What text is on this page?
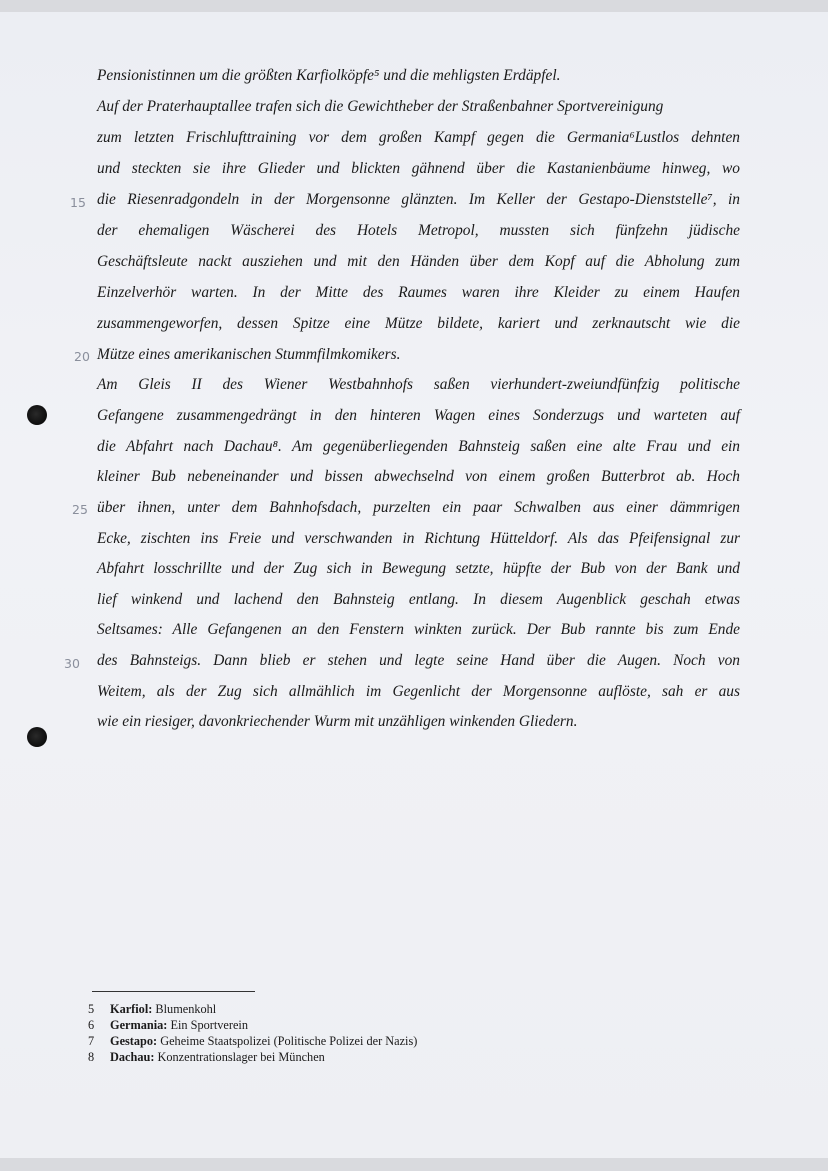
Pensionistinnen um die größten Karfiolköpfe⁵ und die mehligsten Erdäpfel.
Auf der Praterhauptallee trafen sich die Gewichtheber der Straßenbahner Sportvereinigung
zum letzten Frischlufttraining vor dem großen Kampf gegen die Germania⁶Lustlos dehnten
und steckten sie ihre Glieder und blickten gähnend über die Kastanienbäume hinweg, wo
die Riesenradgondeln in der Morgensonne glänzten. Im Keller der Gestapo-Dienststelle⁷, in
der ehemaligen Wäscherei des Hotels Metropol, mussten sich fünfzehn jüdische
Geschäftsleute nackt ausziehen und mit den Händen über dem Kopf auf die Abholung zum
Einzelverhör warten. In der Mitte des Raumes waren ihre Kleider zu einem Haufen
zusammengeworfen, dessen Spitze eine Mütze bildete, kariert und zerknautscht wie die
Mütze eines amerikanischen Stummfilmkomikers.
Am Gleis II des Wiener Westbahnhofs saßen vierhundert-zweiundfünfzig politische
Gefangene zusammengedrängt in den hinteren Wagen eines Sonderzugs und warteten auf
die Abfahrt nach Dachau⁸. Am gegenüberliegenden Bahnsteig saßen eine alte Frau und ein
kleiner Bub nebeneinander und bissen abwechselnd von einem großen Butterbrot ab. Hoch
über ihnen, unter dem Bahnhofsdach, purzelten ein paar Schwalben aus einer dämmrigen
Ecke, zischten ins Freie und verschwanden in Richtung Hütteldorf. Als das Pfeifensignal zur
Abfahrt losschrillte und der Zug sich in Bewegung setzte, hüpfte der Bub von der Bank und
lief winkend und lachend den Bahnsteig entlang. In diesem Augenblick geschah etwas
Seltsames: Alle Gefangenen an den Fenstern winkten zurück. Der Bub rannte bis zum Ende
des Bahnsteigs. Dann blieb er stehen und legte seine Hand über die Augen. Noch von
Weitem, als der Zug sich allmählich im Gegenlicht der Morgensonne auflöste, sah er aus
wie ein riesiger, davonkriechender Wurm mit unzähligen winkenden Gliedern.
15
20
25
30
5 Karfiol: Blumenkohl
6 Germania: Ein Sportverein
7 Gestapo: Geheime Staatspolizei (Politische Polizei der Nazis)
8 Dachau: Konzentrationslager bei München
